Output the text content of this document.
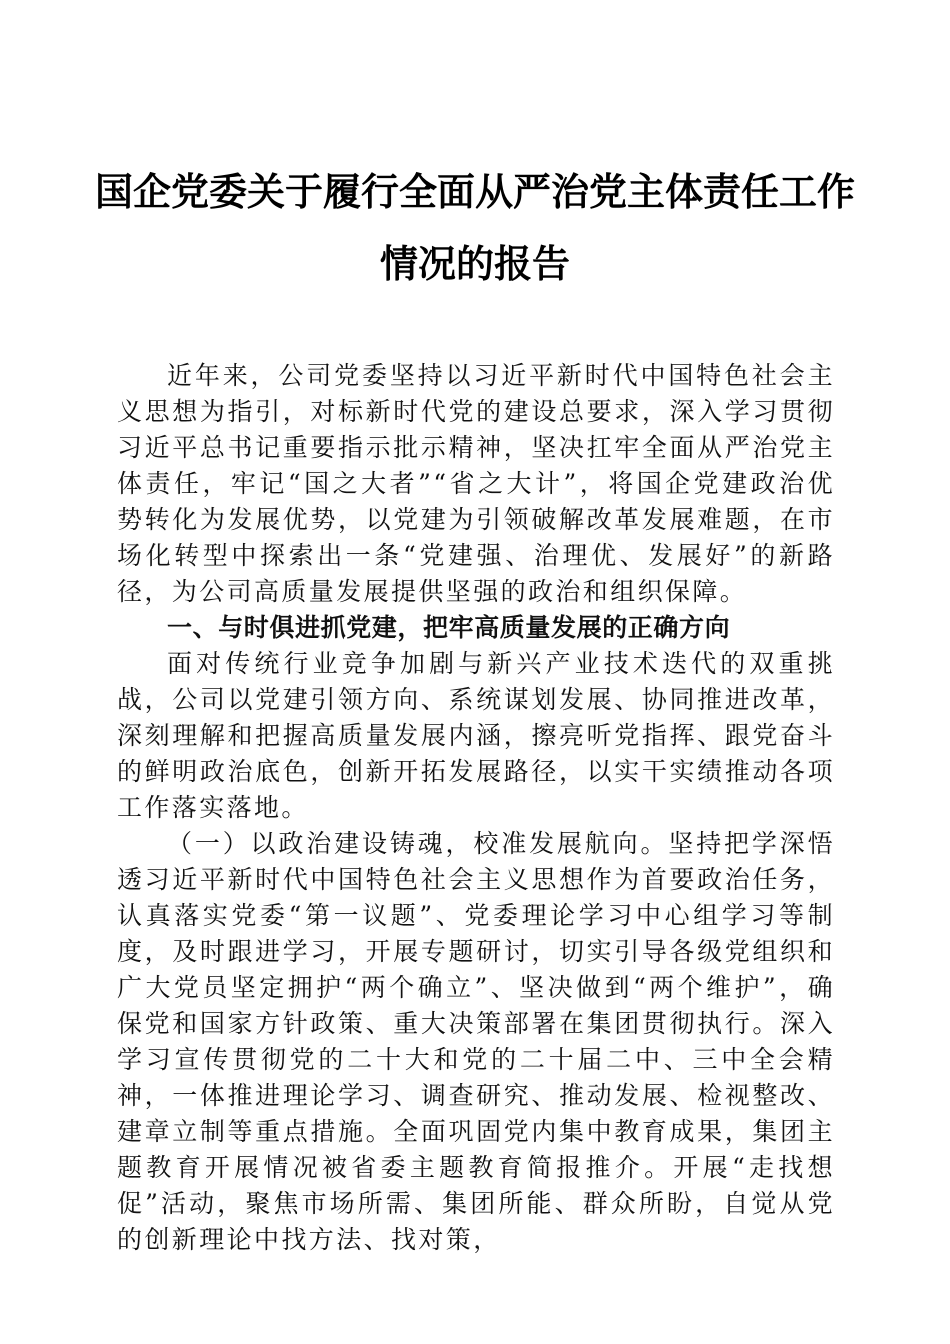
国企党委关于履行全面从严治党主体责任工作
情况的报告

近年来，公司党委坚持以习近平新时代中国特色社会主义思想为指引，对标新时代党的建设总要求，深入学习贯彻习近平总书记重要指示批示精神，坚决扛牢全面从严治党主体责任，牢记“国之大者”“省之大计”，将国企党建政治优势转化为发展优势，以党建为引领破解改革发展难题，在市场化转型中探索出一条“党建强、治理优、发展好”的新路径，为公司高质量发展提供坚强的政治和组织保障。

一、与时俱进抓党建，把牢高质量发展的正确方向

面对传统行业竞争加剧与新兴产业技术迭代的双重挑战，公司以党建引领方向、系统谋划发展、协同推进改革，深刻理解和把握高质量发展内涵，擦亮听党指挥、跟党奋斗的鲜明政治底色，创新开拓发展路径，以实干实绩推动各项工作落实落地。

（一）以政治建设铸魂，校准发展航向。坚持把学深悟透习近平新时代中国特色社会主义思想作为首要政治任务，认真落实党委“第一议题”、党委理论学习中心组学习等制度，及时跟进学习，开展专题研讨，切实引导各级党组织和广大党员坚定拥护“两个确立”、坚决做到“两个维护”，确保党和国家方针政策、重大决策部署在集团贯彻执行。深入学习宣传贯彻党的二十大和党的二十届二中、三中全会精神，一体推进理论学习、调查研究、推动发展、检视整改、建章立制等重点措施。全面巩固党内集中教育成果，集团主题教育开展情况被省委主题教育简报推介。开展“走找想促”活动，聚焦市场所需、集团所能、群众所盼，自觉从党的创新理论中找方法、找对策，
